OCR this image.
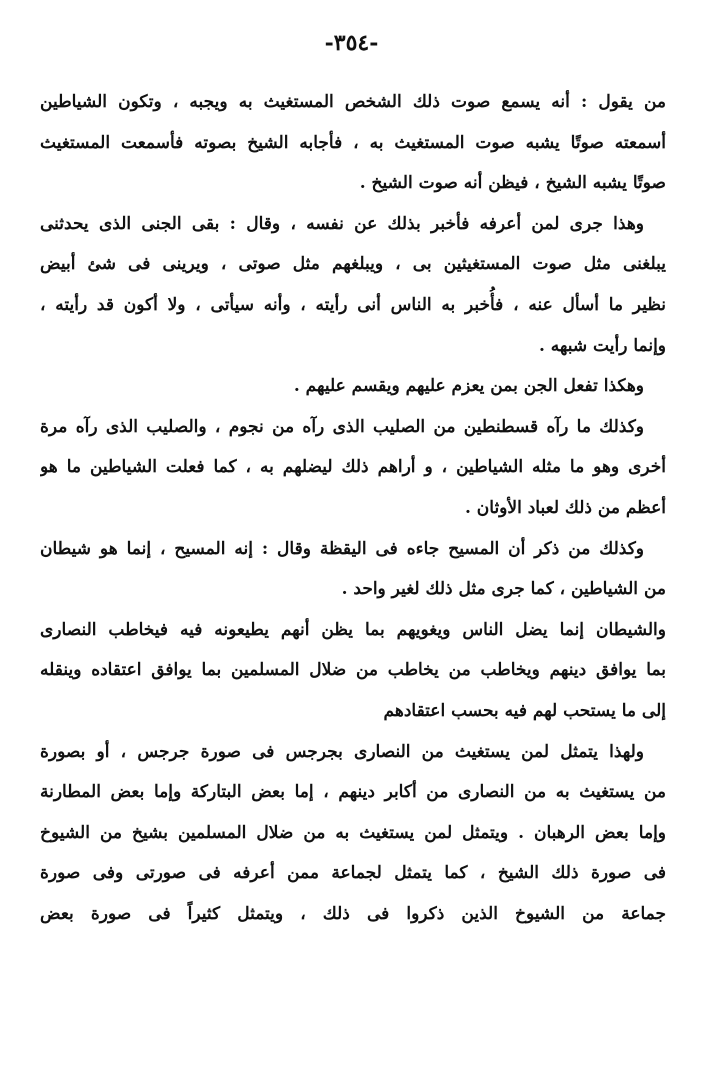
-٣٥٤-
من يقول : أنه يسمع صوت ذلك الشخص المستغيث به ويجبه ، وتكون الشياطين
أسمعته صوتًا يشبه صوت المستغيث به ، فأجابه الشيخ بصوته فأسمعت المستغيث
صوتًا يشبه الشيخ ، فيظن أنه صوت الشيخ .
وهذا جرى لمن أعرفه فأخبر بذلك عن نفسه ، وقال : بقى الجنى الذى يحدثنى
يبلغنى مثل صوت المستغيثين بى ، ويبلغهم مثل صوتى ، ويرينى فى شئ أبيض
نظير ما أسأل عنه ، فأُخبر به الناس أنى رأيته ، وأنه سيأتى ، ولا أكون قد رأيته ،
وإنما رأيت شبهه .
وهكذا تفعل الجن بمن يعزم عليهم ويقسم عليهم .
وكذلك ما رآه قسطنطين من الصليب الذى رآه من نجوم ، والصليب الذى رآه مرة
أخرى وهو ما مثله الشياطين ، و أراهم ذلك ليضلهم به ، كما فعلت الشياطين ما هو
أعظم من ذلك لعباد الأوثان .
وكذلك من ذكر أن المسيح جاءه فى اليقظة وقال : إنه المسيح ، إنما هو شيطان
من الشياطين ، كما جرى مثل ذلك لغير واحد .
والشيطان إنما يضل الناس ويغويهم بما يظن أنهم يطيعونه فيه فيخاطب النصارى
بما يوافق دينهم ويخاطب من يخاطب من ضلال المسلمين بما يوافق اعتقاده وينقله
إلى ما يستحب لهم فيه بحسب اعتقادهم
ولهذا يتمثل لمن يستغيث من النصارى بجرجس فى صورة جرجس ، أو بصورة
من يستغيث به من النصارى من أكابر دينهم ، إما بعض البتاركة وإما بعض المطارنة
وإما بعض الرهبان . ويتمثل لمن يستغيث به من ضلال المسلمين بشيخ من الشيوخ
فى صورة ذلك الشيخ ، كما يتمثل لجماعة ممن أعرفه فى صورتى وفى صورة
جماعة من الشيوخ الذين ذكروا فى ذلك ، ويتمثل كثيراً فى صورة بعض
